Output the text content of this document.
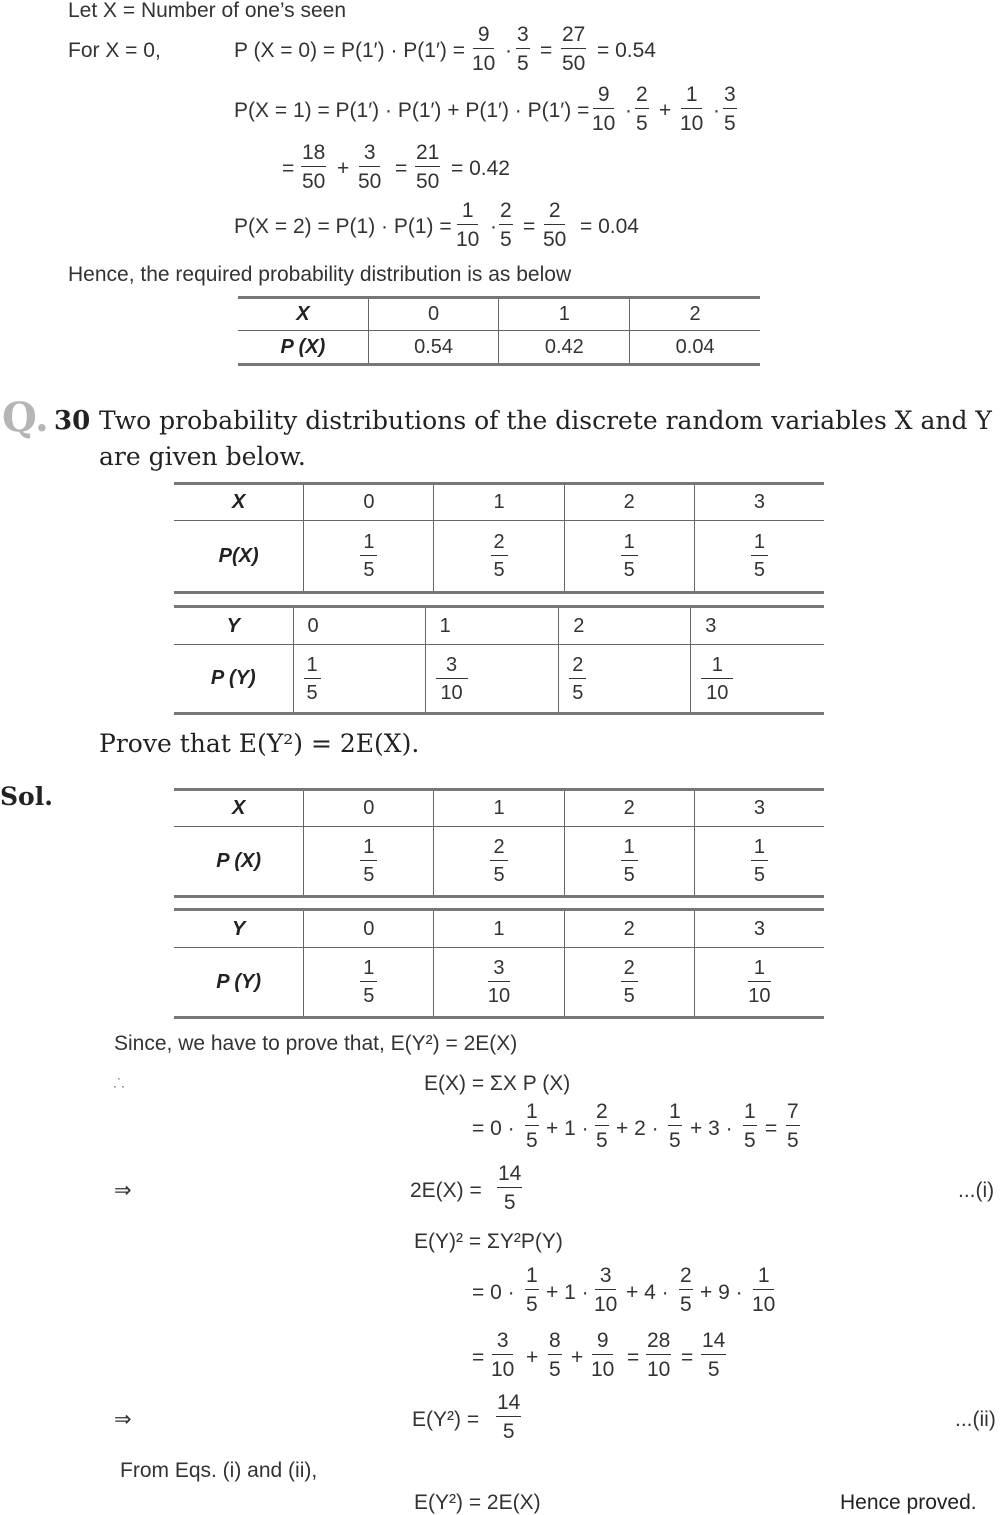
Let X = Number of one’s seen
For X = 0,	P (X = 0) = P(1′) · P(1′) =
9
10
·
3
5
=
27
50
= 0.54
P(X = 1) = P(1′) · P(1′) + P(1′) · P(1′) =
9
10
·
2
5
+
1
10
·
3
5
=
18
50
+
3
50
=
21
50
= 0.42
P(X = 2) = P(1) · P(1) =
1
10
·
2
5
=
2
50
= 0.04
Hence, the required probability distribution is as below
X	0	1	2
P (X)	0.54	0.42	0.04
Q. 30 Two probability distributions of the discrete random variables X and Y
are given below.
X	0	1	2	3
P(X)	$\frac{1}{5}$	$\frac{2}{5}$	$\frac{1}{5}$	$\frac{1}{5}$
Y	0	1	2	3
P (Y)	$\frac{1}{5}$	$\frac{3}{10}$	$\frac{2}{5}$	$\frac{1}{10}$
Prove that E(Y²) = 2E(X).
Sol.	X	0	1	2	3
P (X)	$\frac{1}{5}$	$\frac{2}{5}$	$\frac{1}{5}$	$\frac{1}{5}$
Y	0	1	2	3
P (Y)	$\frac{1}{5}$	$\frac{3}{10}$	$\frac{2}{5}$	$\frac{1}{10}$
Since, we have to prove that, E(Y²) = 2E(X)
∴	E(X) = ΣX P (X)
= 0 ·
1
5
+ 1 ·
2
5
+ 2 ·
1
5
+ 3 ·
1
5
=
7
5
⇒	2E(X) =
14
5
...(i)
E(Y)² = ΣY²P(Y)
= 0 ·
1
5
+ 1 ·
3
10
+ 4 ·
2
5
+ 9 ·
1
10
=
3
10
+
8
5
+
9
10
=
28
10
=
14
5
⇒	E(Y²) =
14
5
...(ii)
From Eqs. (i) and (ii),
E(Y²) = 2E(X)	Hence proved.
